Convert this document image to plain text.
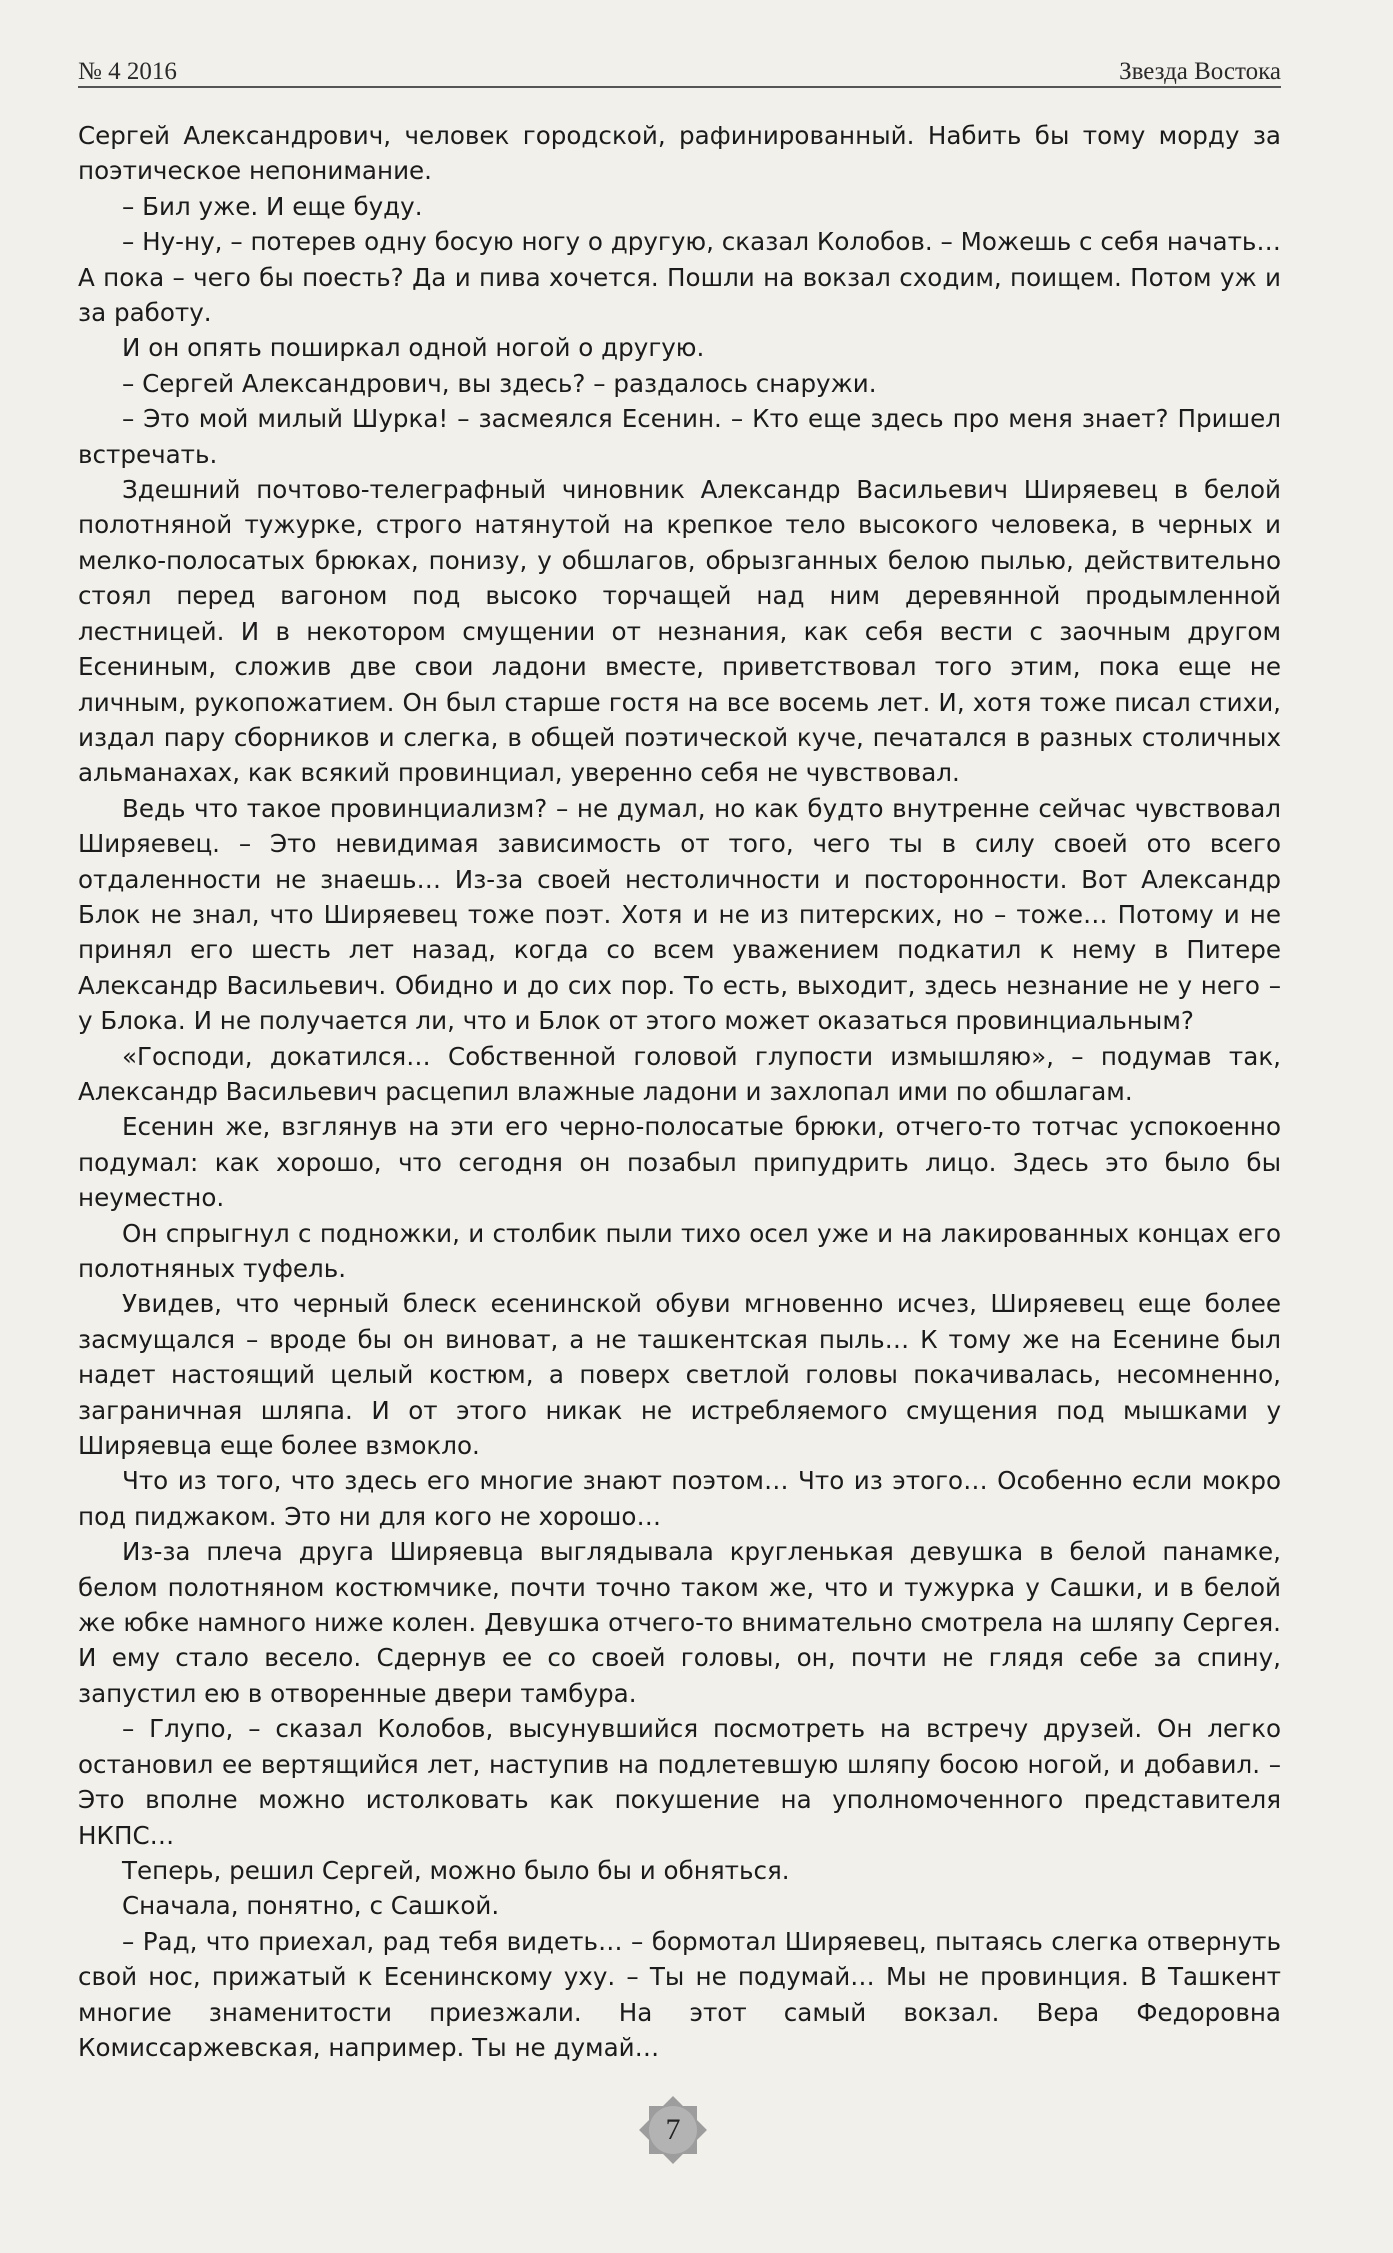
№ 4 2016	Звезда Востока

Сергей Александрович, человек городской, рафинированный. Набить бы тому морду за поэтическое непонимание.

– Бил уже. И еще буду.

– Ну-ну, – потерев одну босую ногу о другую, сказал Колобов. – Можешь с себя начать… А пока – чего бы поесть? Да и пива хочется. Пошли на вокзал сходим, поищем. Потом уж и за работу.

И он опять поширкал одной ногой о другую.

– Сергей Александрович, вы здесь? – раздалось снаружи.

– Это мой милый Шурка! – засмеялся Есенин. – Кто еще здесь про меня знает? Пришел встречать.

Здешний почтово-телеграфный чиновник Александр Васильевич Ширяевец в белой полотняной тужурке, строго натянутой на крепкое тело высокого человека, в черных и мелко-полосатых брюках, понизу, у обшлагов, обрызганных белою пылью, действительно стоял перед вагоном под высоко торчащей над ним деревянной продымленной лестницей. И в некотором смущении от незнания, как себя вести с заочным другом Есениным, сложив две свои ладони вместе, приветствовал того этим, пока еще не личным, рукопожатием. Он был старше гостя на все восемь лет. И, хотя тоже писал стихи, издал пару сборников и слегка, в общей поэтической куче, печатался в разных столичных альманахах, как всякий провинциал, уверенно себя не чувствовал.

Ведь что такое провинциализм? – не думал, но как будто внутренне сейчас чувствовал Ширяевец. – Это невидимая зависимость от того, чего ты в силу своей ото всего отдаленности не знаешь… Из-за своей нестоличности и посторонности. Вот Александр Блок не знал, что Ширяевец тоже поэт. Хотя и не из питерских, но – тоже… Потому и не принял его шесть лет назад, когда со всем уважением подкатил к нему в Питере Александр Васильевич. Обидно и до сих пор. То есть, выходит, здесь незнание не у него – у Блока. И не получается ли, что и Блок от этого может оказаться провинциальным?

«Господи, докатился… Собственной головой глупости измышляю», – подумав так, Александр Васильевич расцепил влажные ладони и захлопал ими по обшлагам.

Есенин же, взглянув на эти его черно-полосатые брюки, отчего-то тотчас успокоенно подумал: как хорошо, что сегодня он позабыл припудрить лицо. Здесь это было бы неуместно.

Он спрыгнул с подножки, и столбик пыли тихо осел уже и на лакированных концах его полотняных туфель.

Увидев, что черный блеск есенинской обуви мгновенно исчез, Ширяевец еще более засмущался – вроде бы он виноват, а не ташкентская пыль… К тому же на Есенине был надет настоящий целый костюм, а поверх светлой головы покачивалась, несомненно, заграничная шляпа. И от этого никак не истребляемого смущения под мышками у Ширяевца еще более взмокло.

Что из того, что здесь его многие знают поэтом… Что из этого… Особенно если мокро под пиджаком. Это ни для кого не хорошо…

Из-за плеча друга Ширяевца выглядывала кругленькая девушка в белой панамке, белом полотняном костюмчике, почти точно таком же, что и тужурка у Сашки, и в белой же юбке намного ниже колен. Девушка отчего-то внимательно смотрела на шляпу Сергея. И ему стало весело. Сдернув ее со своей головы, он, почти не глядя себе за спину, запустил ею в отворенные двери тамбура.

– Глупо, – сказал Колобов, высунувшийся посмотреть на встречу друзей. Он легко остановил ее вертящийся лет, наступив на подлетевшую шляпу босою ногой, и добавил. – Это вполне можно истолковать как покушение на уполномоченного представителя НКПС…

Теперь, решил Сергей, можно было бы и обняться.

Сначала, понятно, с Сашкой.

– Рад, что приехал, рад тебя видеть… – бормотал Ширяевец, пытаясь слегка отвернуть свой нос, прижатый к Есенинскому уху. – Ты не подумай… Мы не провинция. В Ташкент многие знаменитости приезжали. На этот самый вокзал. Вера Федоровна Комиссаржевская, например. Ты не думай…

7
